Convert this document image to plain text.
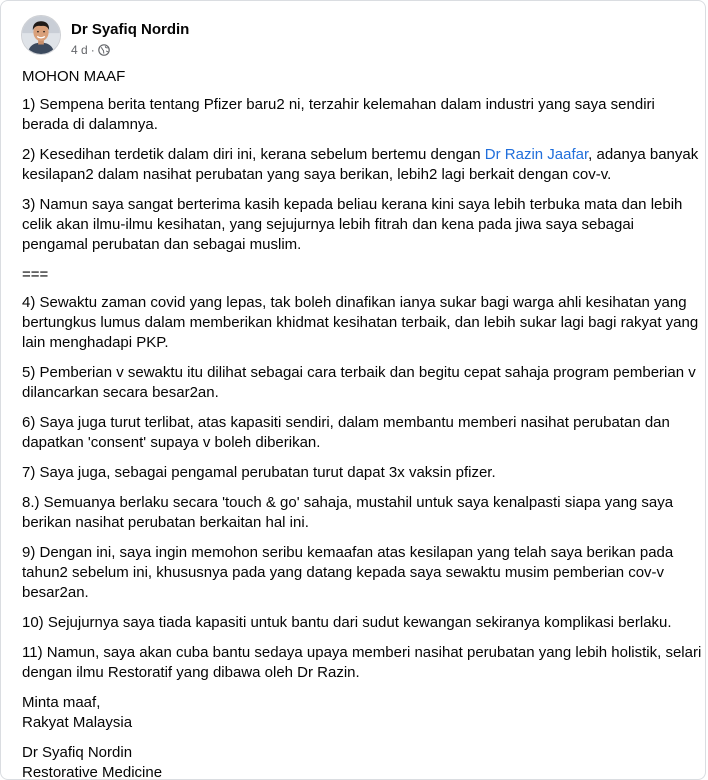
Dr Syafiq Nordin
4 d ·

MOHON MAAF

1) Sempena berita tentang Pfizer baru2 ni, terzahir kelemahan dalam industri yang saya sendiri berada di dalamnya.

2) Kesedihan terdetik dalam diri ini, kerana sebelum bertemu dengan Dr Razin Jaafar, adanya banyak kesilapan2 dalam nasihat perubatan yang saya berikan, lebih2 lagi berkait dengan cov-v.

3) Namun saya sangat berterima kasih kepada beliau kerana kini saya lebih terbuka mata dan lebih celik akan ilmu-ilmu kesihatan, yang sejujurnya lebih fitrah dan kena pada jiwa saya sebagai pengamal perubatan dan sebagai muslim.

===

4) Sewaktu zaman covid yang lepas, tak boleh dinafikan ianya sukar bagi warga ahli kesihatan yang bertungkus lumus dalam memberikan khidmat kesihatan terbaik, dan lebih sukar lagi bagi rakyat yang lain menghadapi PKP.

5) Pemberian v sewaktu itu dilihat sebagai cara terbaik dan begitu cepat sahaja program pemberian v dilancarkan secara besar2an.

6) Saya juga turut terlibat, atas kapasiti sendiri, dalam membantu memberi nasihat perubatan dan dapatkan 'consent' supaya v boleh diberikan.

7) Saya juga, sebagai pengamal perubatan turut dapat 3x vaksin pfizer.

8.) Semuanya berlaku secara 'touch & go' sahaja, mustahil untuk saya kenalpasti siapa yang saya berikan nasihat perubatan berkaitan hal ini.

9) Dengan ini, saya ingin memohon seribu kemaafan atas kesilapan yang telah saya berikan pada tahun2 sebelum ini, khususnya pada yang datang kepada saya sewaktu musim pemberian cov-v besar2an.

10) Sejujurnya saya tiada kapasiti untuk bantu dari sudut kewangan sekiranya komplikasi berlaku.

11) Namun, saya akan cuba bantu sedaya upaya memberi nasihat perubatan yang lebih holistik, selari dengan ilmu Restoratif yang dibawa oleh Dr Razin.

Minta maaf,
Rakyat Malaysia
Dr Syafiq Nordin
Restorative Medicine
